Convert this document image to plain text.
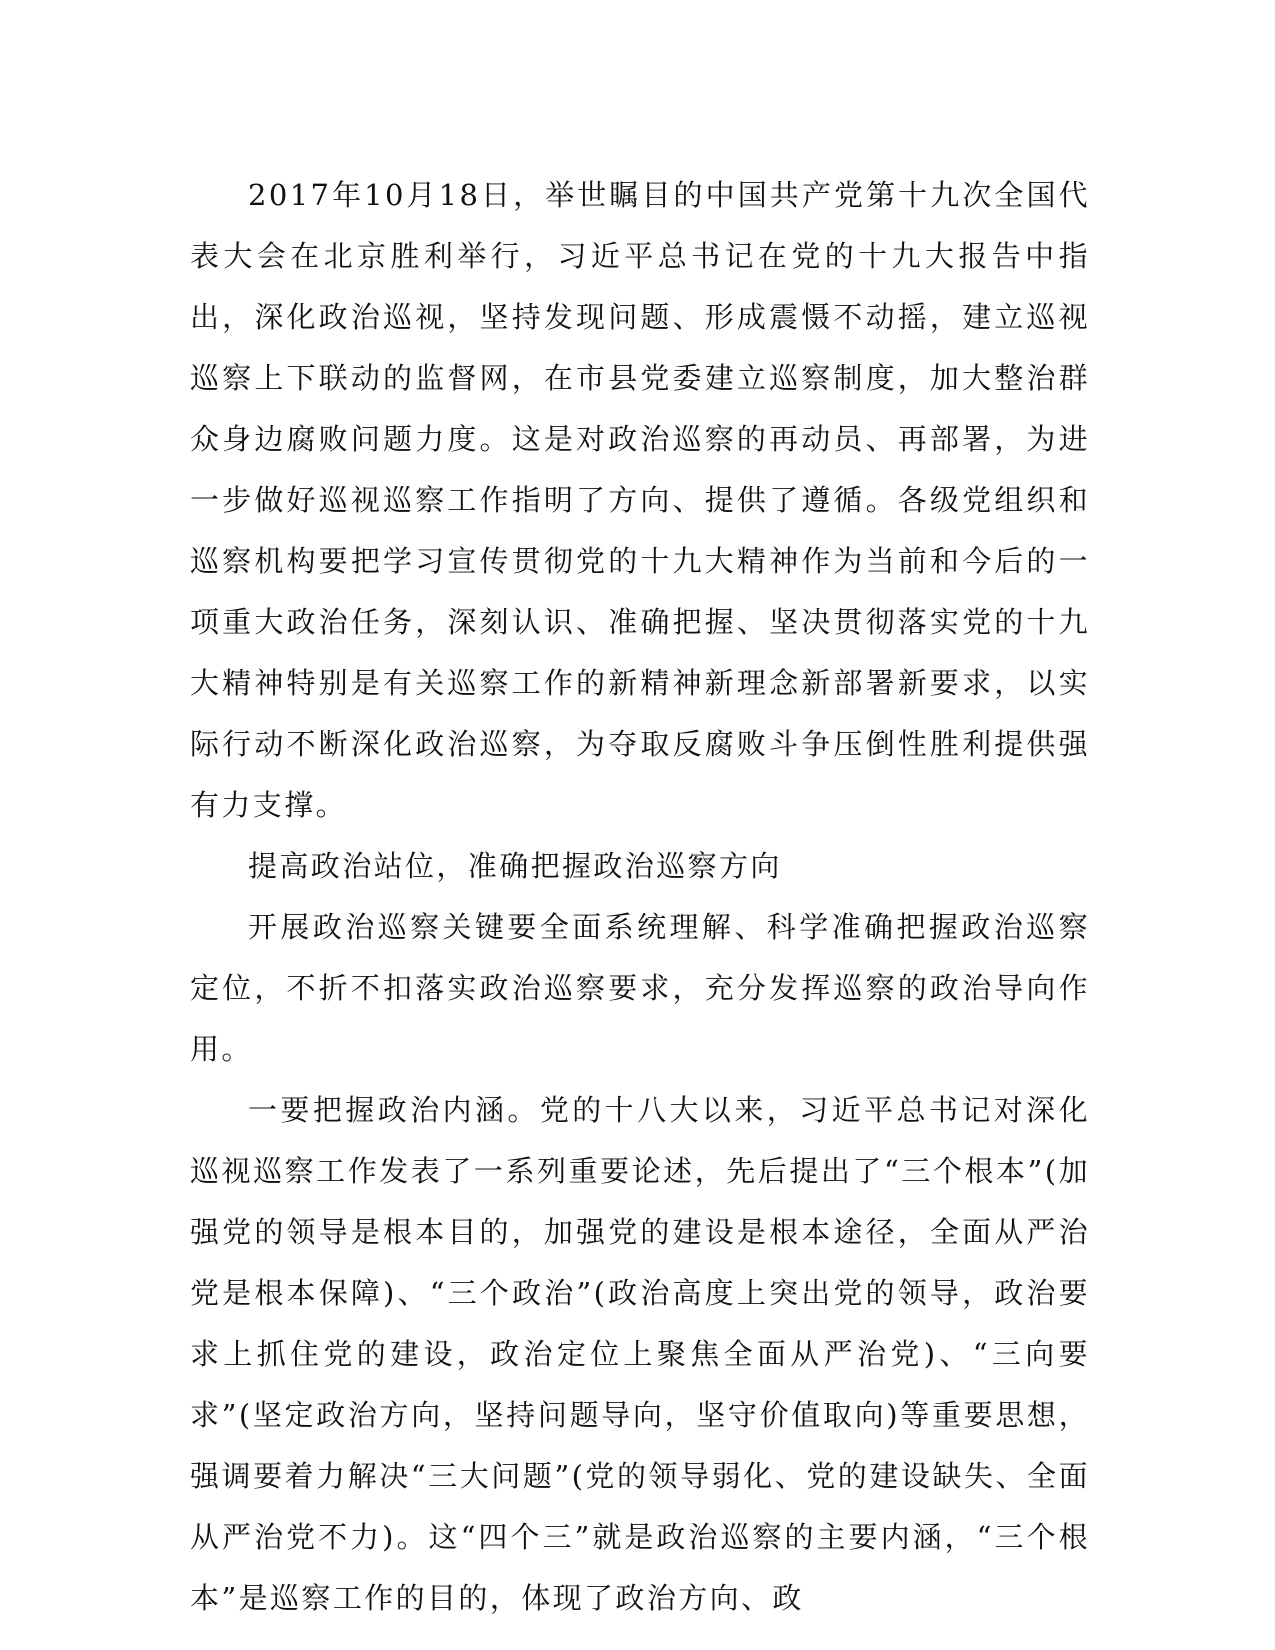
2017年10月18日，举世瞩目的中国共产党第十九次全国代表大会在北京胜利举行，习近平总书记在党的十九大报告中指出，深化政治巡视，坚持发现问题、形成震慑不动摇，建立巡视巡察上下联动的监督网，在市县党委建立巡察制度，加大整治群众身边腐败问题力度。这是对政治巡察的再动员、再部署，为进一步做好巡视巡察工作指明了方向、提供了遵循。各级党组织和巡察机构要把学习宣传贯彻党的十九大精神作为当前和今后的一项重大政治任务，深刻认识、准确把握、坚决贯彻落实党的十九大精神特别是有关巡察工作的新精神新理念新部署新要求，以实际行动不断深化政治巡察，为夺取反腐败斗争压倒性胜利提供强有力支撑。

提高政治站位，准确把握政治巡察方向

开展政治巡察关键要全面系统理解、科学准确把握政治巡察定位，不折不扣落实政治巡察要求，充分发挥巡察的政治导向作用。

一要把握政治内涵。党的十八大以来，习近平总书记对深化巡视巡察工作发表了一系列重要论述，先后提出了“三个根本”(加强党的领导是根本目的，加强党的建设是根本途径，全面从严治党是根本保障)、“三个政治”(政治高度上突出党的领导，政治要求上抓住党的建设，政治定位上聚焦全面从严治党)、“三向要求”(坚定政治方向，坚持问题导向，坚守价值取向)等重要思想，强调要着力解决“三大问题”(党的领导弱化、党的建设缺失、全面从严治党不力)。这“四个三”就是政治巡察的主要内涵，“三个根本”是巡察工作的目的，体现了政治方向、政
